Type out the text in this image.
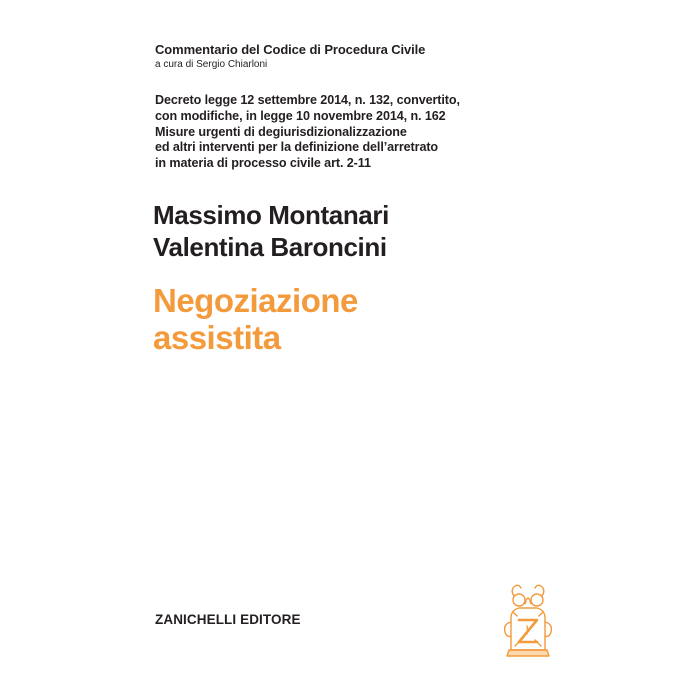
Commentario del Codice di Procedura Civile
a cura di Sergio Chiarloni
Decreto legge 12 settembre 2014, n. 132, convertito,
con modifiche, in legge 10 novembre 2014, n. 162
Misure urgenti di degiurisdizionalizzazione
ed altri interventi per la definizione dell’arretrato
in materia di processo civile art. 2-11
Massimo Montanari
Valentina Baroncini
Negoziazione
assistita
ZANICHELLI EDITORE
